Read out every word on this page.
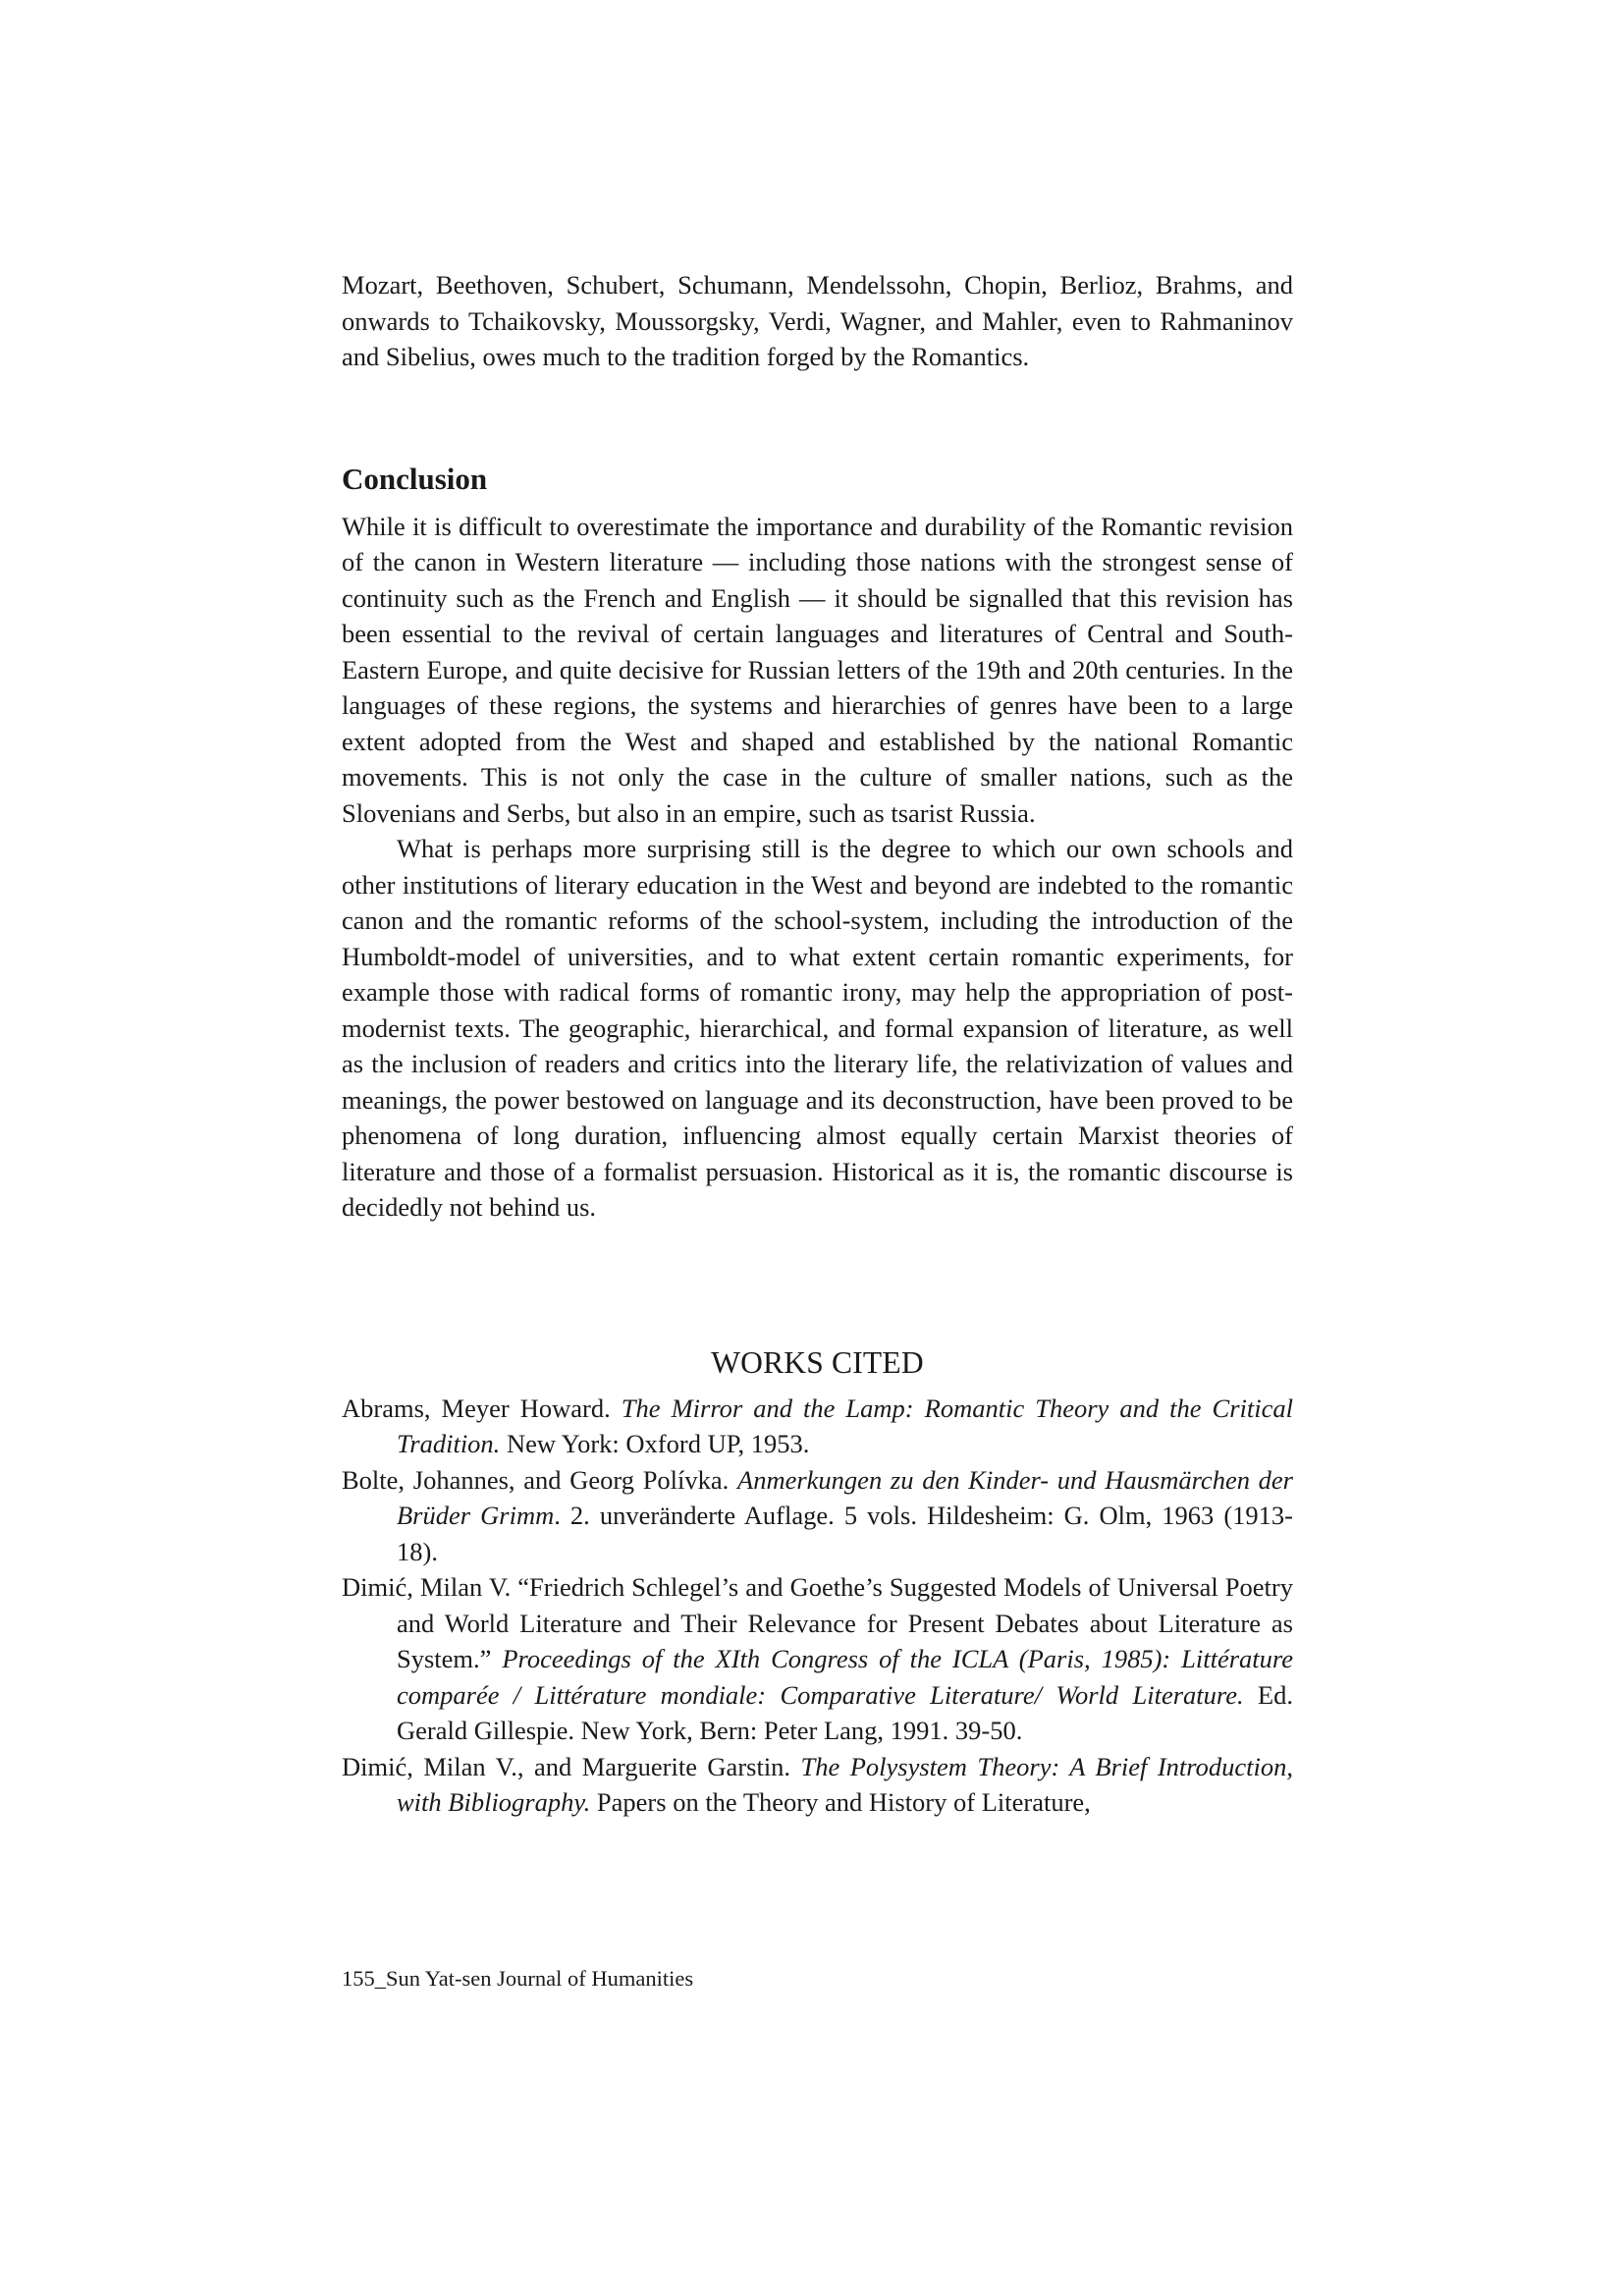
Mozart, Beethoven, Schubert, Schumann, Mendelssohn, Chopin, Berlioz, Brahms, and onwards to Tchaikovsky, Moussorgsky, Verdi, Wagner, and Mahler, even to Rahmaninov and Sibelius, owes much to the tradition forged by the Romantics.

Conclusion

While it is difficult to overestimate the importance and durability of the Romantic revision of the canon in Western literature — including those nations with the strongest sense of continuity such as the French and English — it should be signalled that this revision has been essential to the revival of certain languages and literatures of Central and South-Eastern Europe, and quite decisive for Russian letters of the 19th and 20th centuries. In the languages of these regions, the systems and hierarchies of genres have been to a large extent adopted from the West and shaped and established by the national Romantic movements. This is not only the case in the culture of smaller nations, such as the Slovenians and Serbs, but also in an empire, such as tsarist Russia.

What is perhaps more surprising still is the degree to which our own schools and other institutions of literary education in the West and beyond are indebted to the romantic canon and the romantic reforms of the school-system, including the introduction of the Humboldt-model of universities, and to what extent certain romantic experiments, for example those with radical forms of romantic irony, may help the appropriation of post-modernist texts. The geographic, hierarchical, and formal expansion of literature, as well as the inclusion of readers and critics into the literary life, the relativization of values and meanings, the power bestowed on language and its deconstruction, have been proved to be phenomena of long duration, influencing almost equally certain Marxist theories of literature and those of a formalist persuasion. Historical as it is, the romantic discourse is decidedly not behind us.

WORKS CITED

Abrams, Meyer Howard. The Mirror and the Lamp: Romantic Theory and the Critical Tradition. New York: Oxford UP, 1953.

Bolte, Johannes, and Georg Polívka. Anmerkungen zu den Kinder- und Hausmärchen der Brüder Grimm. 2. unveränderte Auflage. 5 vols. Hildesheim: G. Olm, 1963 (1913-18).

Dimić, Milan V. “Friedrich Schlegel’s and Goethe’s Suggested Models of Universal Poetry and World Literature and Their Relevance for Present Debates about Literature as System.” Proceedings of the XIth Congress of the ICLA (Paris, 1985): Littérature comparée / Littérature mondiale: Comparative Literature/ World Literature. Ed. Gerald Gillespie. New York, Bern: Peter Lang, 1991. 39-50.

Dimić, Milan V., and Marguerite Garstin. The Polysystem Theory: A Brief Introduction, with Bibliography. Papers on the Theory and History of Literature,

155_Sun Yat-sen Journal of Humanities
